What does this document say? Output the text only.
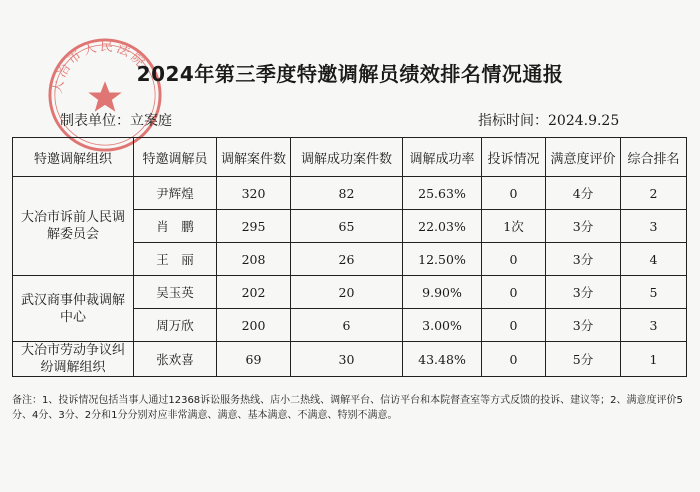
大冶市人民法院
2024年第三季度特邀调解员绩效排名情况通报
制表单位：立案庭	指标时间：2024.9.25
特邀调解组织	特邀调解员	调解案件数	调解成功案件数	调解成功率	投诉情况	满意度评价	综合排名
大冶市诉前人民调解委员会	尹辉煌	320	82	25.63%	0	4分	2
	肖　鹏	295	65	22.03%	1次	3分	3
	王　丽	208	26	12.50%	0	3分	4
武汉商事仲裁调解中心	吴玉英	202	20	9.90%	0	3分	5
	周万欣	200	6	3.00%	0	3分	3
大冶市劳动争议纠纷调解组织	张欢喜	69	30	43.48%	0	5分	1
备注：1、投诉情况包括当事人通过12368诉讼服务热线、店小二热线、调解平台、信访平台和本院督查室等方式反馈的投诉、建议等；2、满意度评价5分、4分、3分、2分和1分分别对应非常满意、满意、基本满意、不满意、特别不满意。
